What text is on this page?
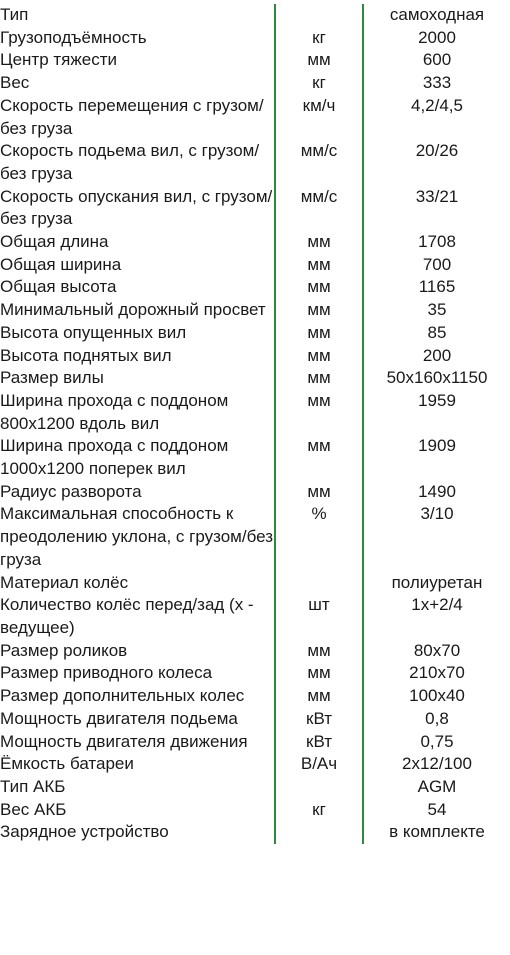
Тип		самоходная
Грузоподъёмность	кг	2000
Центр тяжести	мм	600
Вес	кг	333
Скорость перемещения с грузом/без груза	км/ч	4,2/4,5
Скорость подьема вил, с грузом/без груза	мм/с	20/26
Скорость опускания вил, с грузом/без груза	мм/с	33/21
Общая длина	мм	1708
Общая ширина	мм	700
Общая высота	мм	1165
Минимальный дорожный просвет	мм	35
Высота опущенных вил	мм	85
Высота поднятых вил	мм	200
Размер вилы	мм	50х160х1150
Ширина прохода с поддоном 800х1200 вдоль вил	мм	1959
Ширина прохода с поддоном 1000х1200 поперек вил	мм	1909
Радиус разворота	мм	1490
Максимальная способность к преодолению уклона, с грузом/без груза	%	3/10
Материал колёс		полиуретан
Количество колёс перед/зад (х - ведущее)	шт	1х+2/4
Размер роликов	мм	80х70
Размер приводного колеса	мм	210х70
Размер дополнительных колес	мм	100х40
Мощность двигателя подьема	кВт	0,8
Мощность двигателя движения	кВт	0,75
Ёмкость батареи	В/Ач	2х12/100
Тип АКБ		AGM
Вес АКБ	кг	54
Зарядное устройство		в комплекте
